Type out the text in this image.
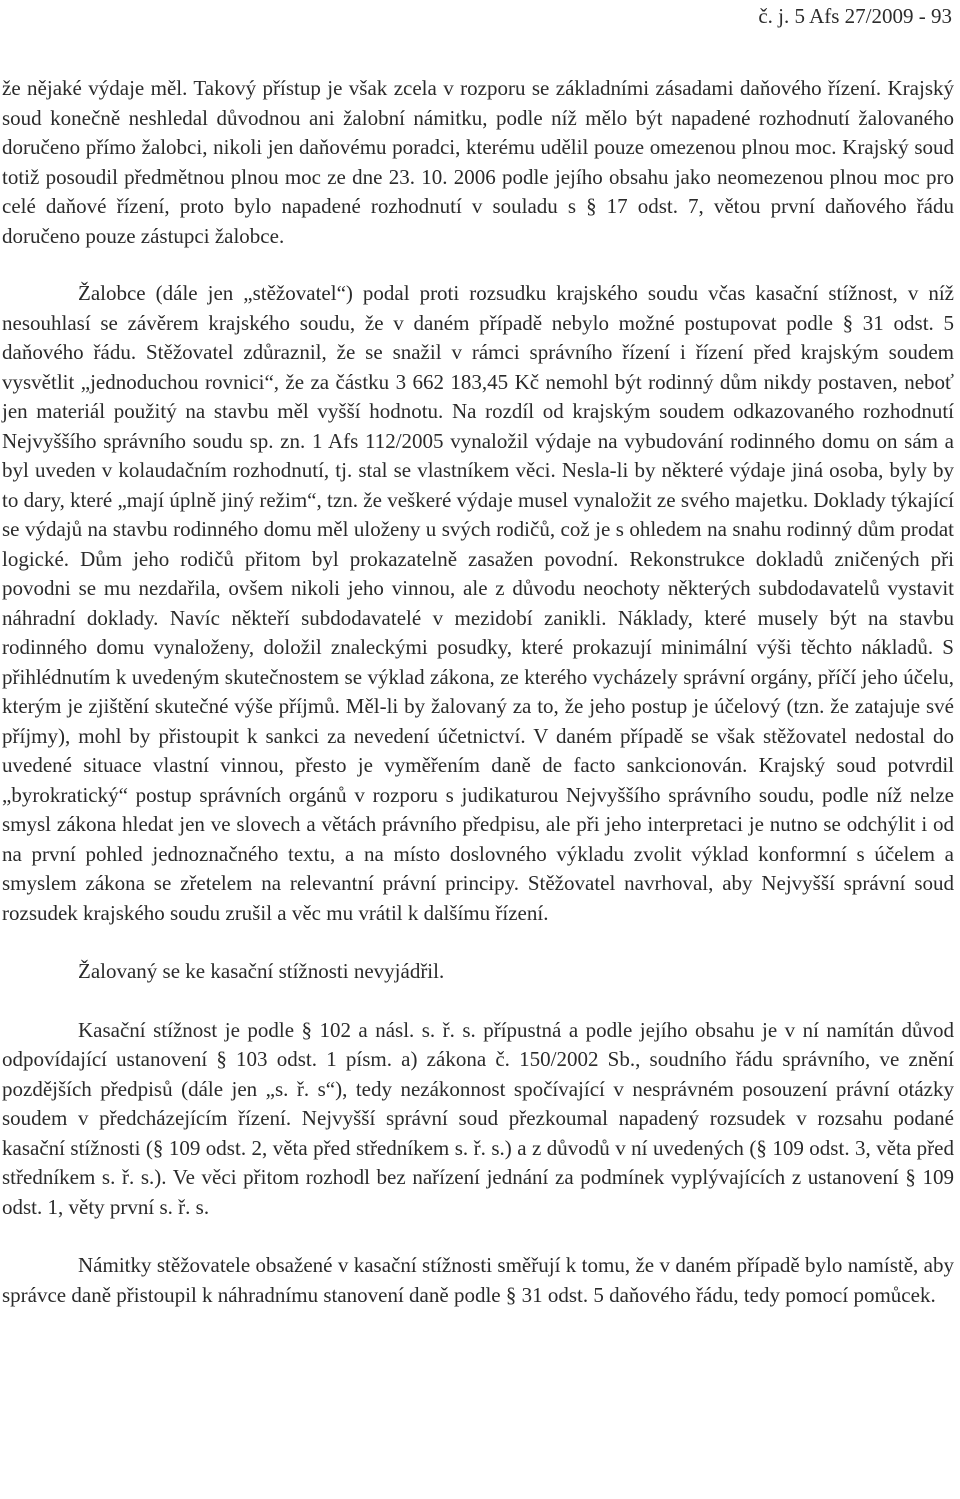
č. j. 5 Afs 27/2009 - 93

že nějaké výdaje měl. Takový přístup je však zcela v rozporu se základními zásadami daňového řízení. Krajský soud konečně neshledal důvodnou ani žalobní námitku, podle níž mělo být napadené rozhodnutí žalovaného doručeno přímo žalobci, nikoli jen daňovému poradci, kterému udělil pouze omezenou plnou moc. Krajský soud totiž posoudil předmětnou plnou moc ze dne 23. 10. 2006 podle jejího obsahu jako neomezenou plnou moc pro celé daňové řízení, proto bylo napadené rozhodnutí v souladu s § 17 odst. 7, větou první daňového řádu doručeno pouze zástupci žalobce.

Žalobce (dále jen „stěžovatel“) podal proti rozsudku krajského soudu včas kasační stížnost, v níž nesouhlasí se závěrem krajského soudu, že v daném případě nebylo možné postupovat podle § 31 odst. 5 daňového řádu. Stěžovatel zdůraznil, že se snažil v rámci správního řízení i řízení před krajským soudem vysvětlit „jednoduchou rovnici“, že za částku 3 662 183,45 Kč nemohl být rodinný dům nikdy postaven, neboť jen materiál použitý na stavbu měl vyšší hodnotu. Na rozdíl od krajským soudem odkazovaného rozhodnutí Nejvyššího správního soudu sp. zn. 1 Afs 112/2005 vynaložil výdaje na vybudování rodinného domu on sám a byl uveden v kolaudačním rozhodnutí, tj. stal se vlastníkem věci. Nesla-li by některé výdaje jiná osoba, byly by to dary, které „mají úplně jiný režim“, tzn. že veškeré výdaje musel vynaložit ze svého majetku. Doklady týkající se výdajů na stavbu rodinného domu měl uloženy u svých rodičů, což je s ohledem na snahu rodinný dům prodat logické. Dům jeho rodičů přitom byl prokazatelně zasažen povodní. Rekonstrukce dokladů zničených při povodni se mu nezdařila, ovšem nikoli jeho vinnou, ale z důvodu neochoty některých subdodavatelů vystavit náhradní doklady. Navíc někteří subdodavatelé v mezidobí zanikli. Náklady, které musely být na stavbu rodinného domu vynaloženy, doložil znaleckými posudky, které prokazují minimální výši těchto nákladů. S přihlédnutím k uvedeným skutečnostem se výklad zákona, ze kterého vycházely správní orgány, příčí jeho účelu, kterým je zjištění skutečné výše příjmů. Měl-li by žalovaný za to, že jeho postup je účelový (tzn. že zatajuje své příjmy), mohl by přistoupit k sankci za nevedení účetnictví. V daném případě se však stěžovatel nedostal do uvedené situace vlastní vinnou, přesto je vyměřením daně de facto sankcionován. Krajský soud potvrdil „byrokratický“ postup správních orgánů v rozporu s judikaturou Nejvyššího správního soudu, podle níž nelze smysl zákona hledat jen ve slovech a větách právního předpisu, ale při jeho interpretaci je nutno se odchýlit i od na první pohled jednoznačného textu, a na místo doslovného výkladu zvolit výklad konformní s účelem a smyslem zákona se zřetelem na relevantní právní principy. Stěžovatel navrhoval, aby Nejvyšší správní soud rozsudek krajského soudu zrušil a věc mu vrátil k dalšímu řízení.

Žalovaný se ke kasační stížnosti nevyjádřil.

Kasační stížnost je podle § 102 a násl. s. ř. s. přípustná a podle jejího obsahu je v ní namítán důvod odpovídající ustanovení § 103 odst. 1 písm. a) zákona č. 150/2002 Sb., soudního řádu správního, ve znění pozdějších předpisů (dále jen „s. ř. s“), tedy nezákonnost spočívající v nesprávném posouzení právní otázky soudem v předcházejícím řízení. Nejvyšší správní soud přezkoumal napadený rozsudek v rozsahu podané kasační stížnosti (§ 109 odst. 2, věta před středníkem s. ř. s.) a z důvodů v ní uvedených (§ 109 odst. 3, věta před středníkem s. ř. s.). Ve věci přitom rozhodl bez nařízení jednání za podmínek vyplývajících z ustanovení § 109 odst. 1, věty první s. ř. s.

Námitky stěžovatele obsažené v kasační stížnosti směřují k tomu, že v daném případě bylo namístě, aby správce daně přistoupil k náhradnímu stanovení daně podle § 31 odst. 5 daňového řádu, tedy pomocí pomůcek.
